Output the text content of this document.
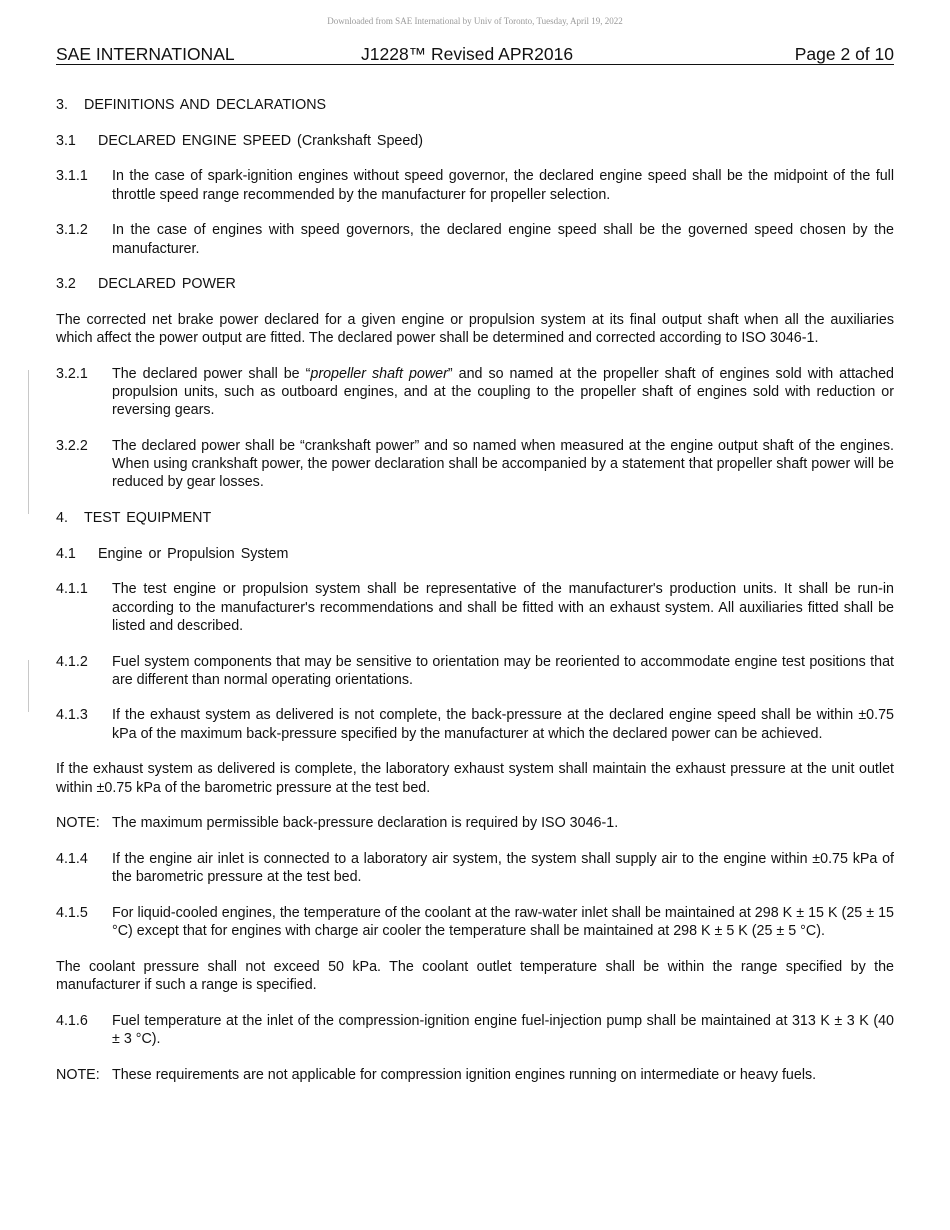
Downloaded from SAE International by Univ of Toronto, Tuesday, April 19, 2022
SAE INTERNATIONAL	J1228™ Revised APR2016	Page 2 of 10
3. DEFINITIONS AND DECLARATIONS
3.1 DECLARED ENGINE SPEED (Crankshaft Speed)
3.1.1	In the case of spark-ignition engines without speed governor, the declared engine speed shall be the midpoint of the full throttle speed range recommended by the manufacturer for propeller selection.
3.1.2	In the case of engines with speed governors, the declared engine speed shall be the governed speed chosen by the manufacturer.
3.2 DECLARED POWER
The corrected net brake power declared for a given engine or propulsion system at its final output shaft when all the auxiliaries which affect the power output are fitted. The declared power shall be determined and corrected according to ISO 3046-1.
3.2.1	The declared power shall be “propeller shaft power” and so named at the propeller shaft of engines sold with attached propulsion units, such as outboard engines, and at the coupling to the propeller shaft of engines sold with reduction or reversing gears.
3.2.2	The declared power shall be “crankshaft power” and so named when measured at the engine output shaft of the engines. When using crankshaft power, the power declaration shall be accompanied by a statement that propeller shaft power will be reduced by gear losses.
4. TEST EQUIPMENT
4.1 Engine or Propulsion System
4.1.1	The test engine or propulsion system shall be representative of the manufacturer's production units. It shall be run-in according to the manufacturer's recommendations and shall be fitted with an exhaust system. All auxiliaries fitted shall be listed and described.
4.1.2	Fuel system components that may be sensitive to orientation may be reoriented to accommodate engine test positions that are different than normal operating orientations.
4.1.3	If the exhaust system as delivered is not complete, the back-pressure at the declared engine speed shall be within ±0.75 kPa of the maximum back-pressure specified by the manufacturer at which the declared power can be achieved.
If the exhaust system as delivered is complete, the laboratory exhaust system shall maintain the exhaust pressure at the unit outlet within ±0.75 kPa of the barometric pressure at the test bed.
NOTE: The maximum permissible back-pressure declaration is required by ISO 3046-1.
4.1.4	If the engine air inlet is connected to a laboratory air system, the system shall supply air to the engine within ±0.75 kPa of the barometric pressure at the test bed.
4.1.5	For liquid-cooled engines, the temperature of the coolant at the raw-water inlet shall be maintained at 298 K ± 15 K (25 ± 15 °C) except that for engines with charge air cooler the temperature shall be maintained at 298 K ± 5 K (25 ± 5 °C).
The coolant pressure shall not exceed 50 kPa. The coolant outlet temperature shall be within the range specified by the manufacturer if such a range is specified.
4.1.6	Fuel temperature at the inlet of the compression-ignition engine fuel-injection pump shall be maintained at 313 K ± 3 K (40 ± 3 °C).
NOTE: These requirements are not applicable for compression ignition engines running on intermediate or heavy fuels.
